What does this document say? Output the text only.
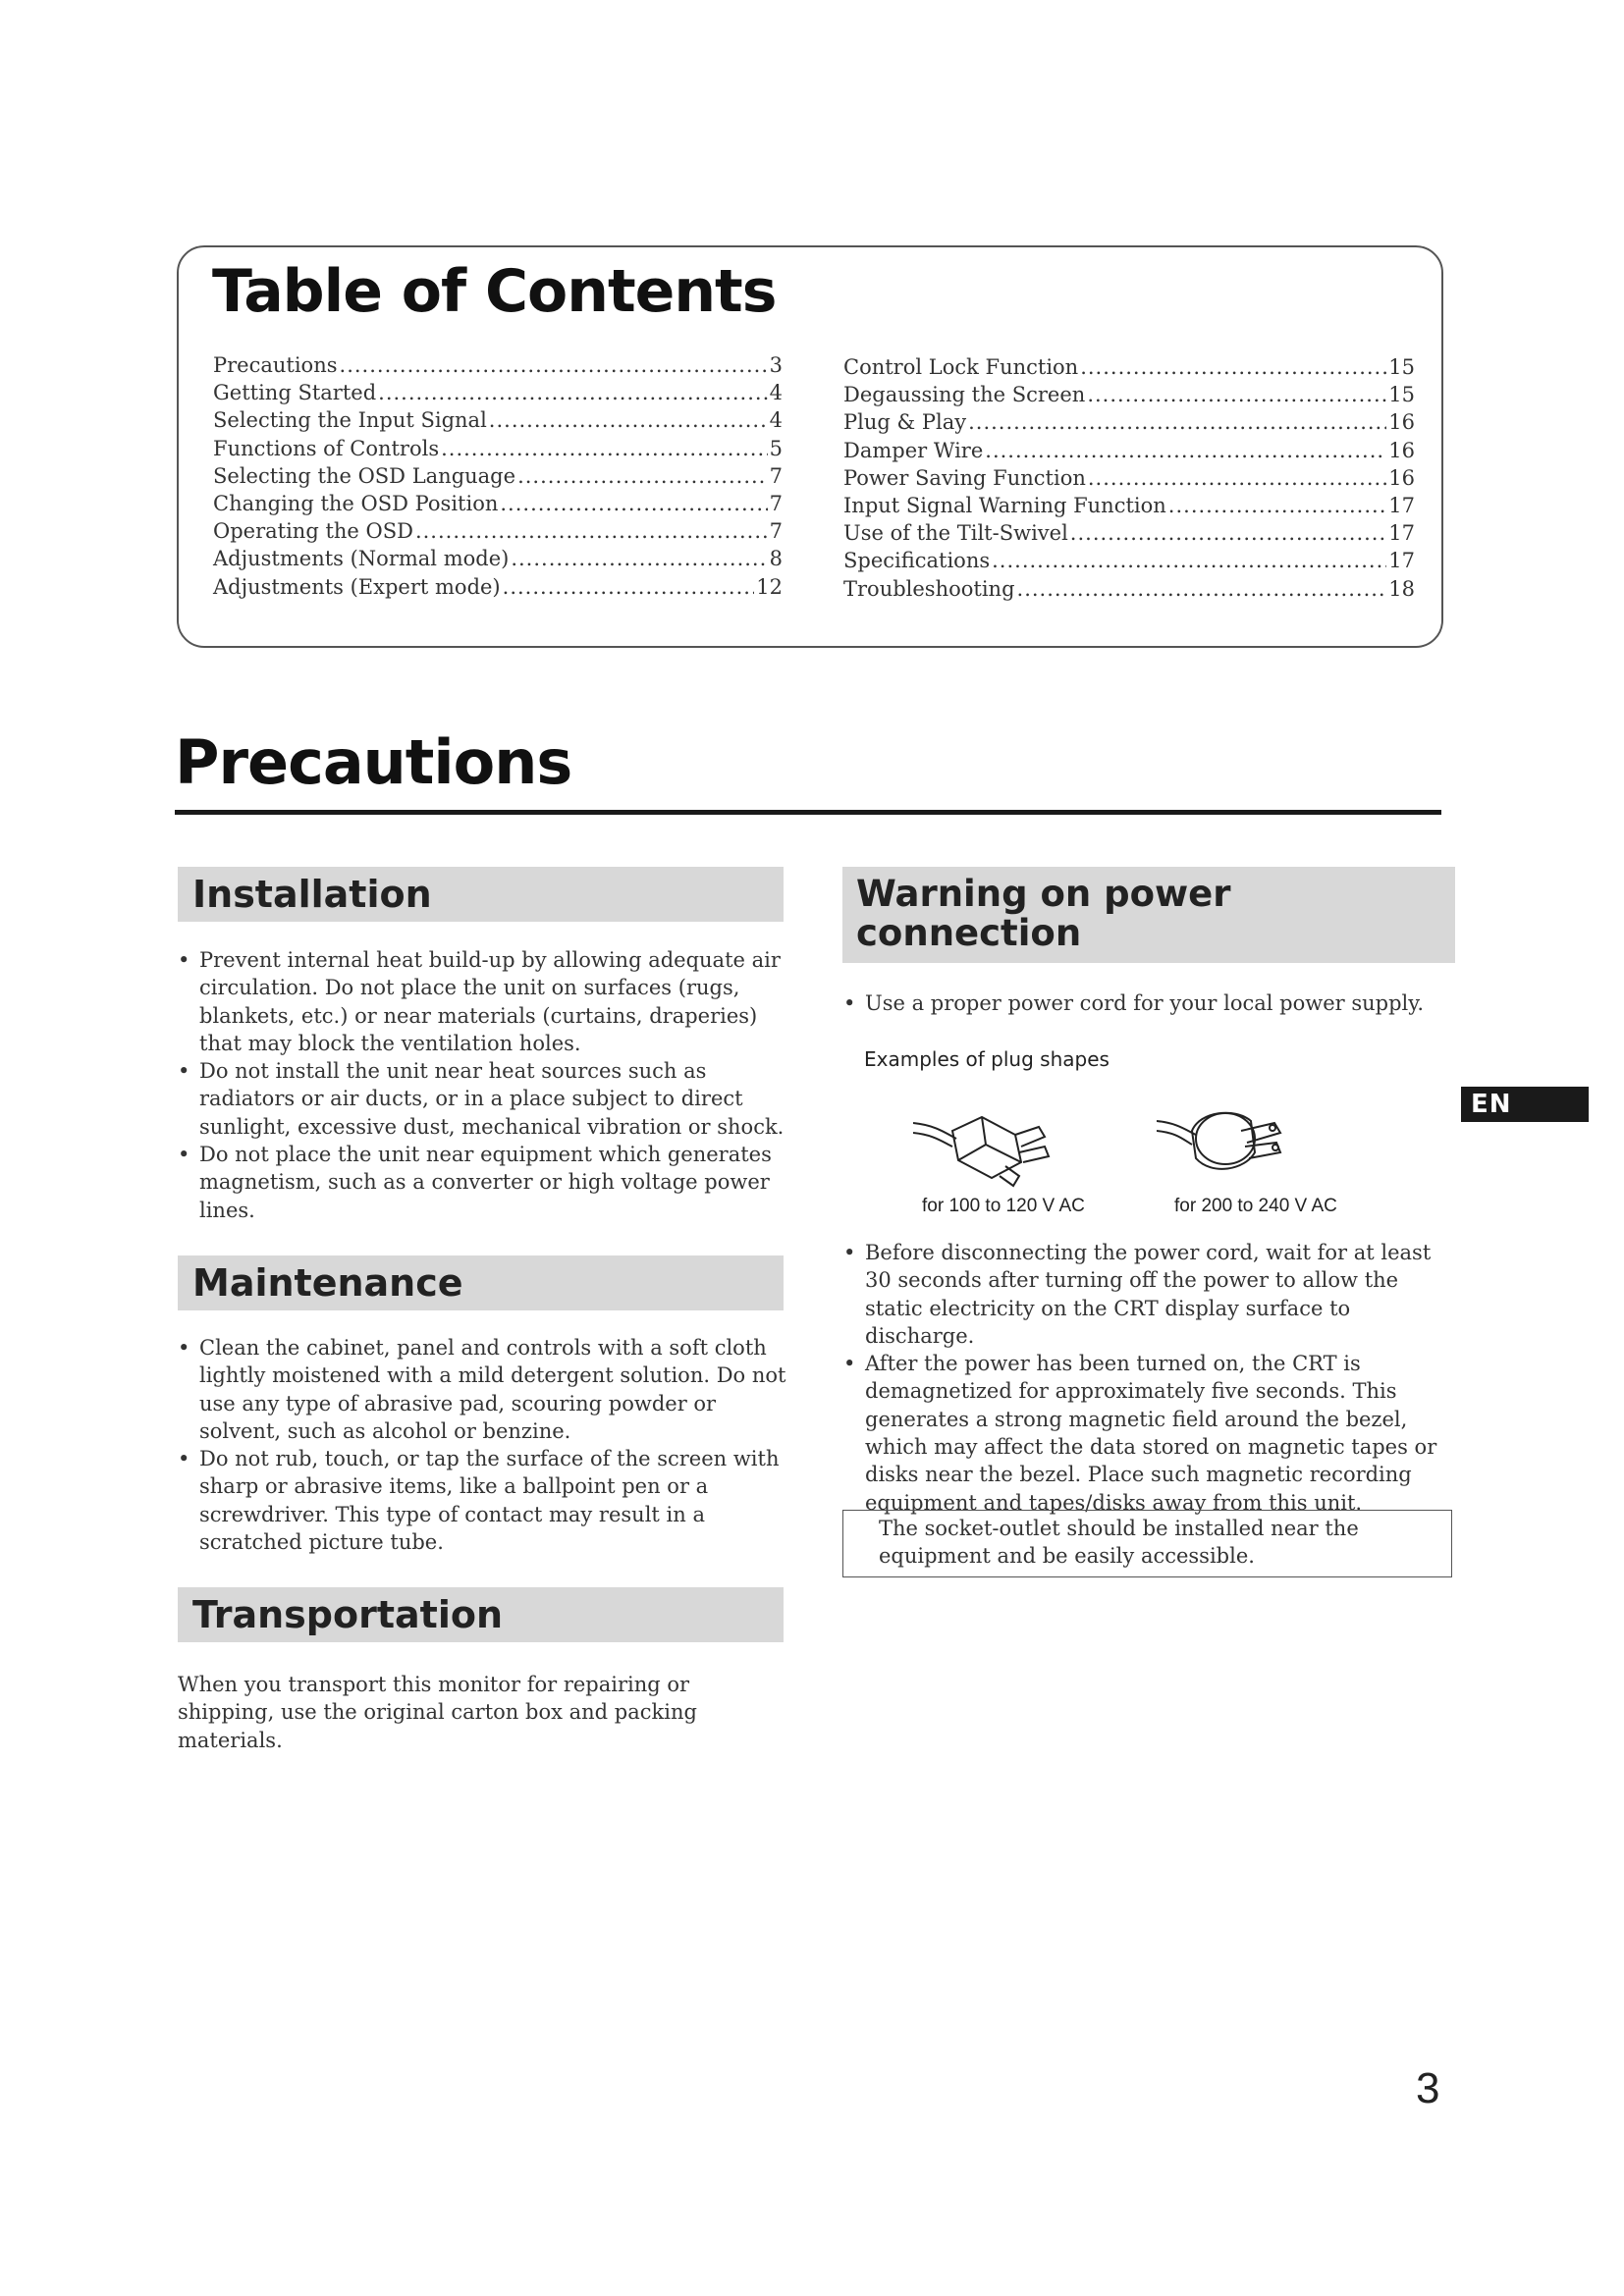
Table of Contents
Precautions .....	3
Getting Started .....	4
Selecting the Input Signal .....	4
Functions of Controls .....	5
Selecting the OSD Language .....	7
Changing the OSD Position .....	7
Operating the OSD .....	7
Adjustments (Normal mode) .....	8
Adjustments (Expert mode) .....	12
Control Lock Function .....	15
Degaussing the Screen .....	15
Plug & Play .....	16
Damper Wire .....	16
Power Saving Function .....	16
Input Signal Warning Function .....	17
Use of the Tilt-Swivel .....	17
Specifications .....	17
Troubleshooting .....	18
Precautions
Installation
• Prevent internal heat build-up by allowing adequate air circulation. Do not place the unit on surfaces (rugs, blankets, etc.) or near materials (curtains, draperies) that may block the ventilation holes.
• Do not install the unit near heat sources such as radiators or air ducts, or in a place subject to direct sunlight, excessive dust, mechanical vibration or shock.
• Do not place the unit near equipment which generates magnetism, such as a converter or high voltage power lines.
Maintenance
• Clean the cabinet, panel and controls with a soft cloth lightly moistened with a mild detergent solution. Do not use any type of abrasive pad, scouring powder or solvent, such as alcohol or benzine.
• Do not rub, touch, or tap the surface of the screen with sharp or abrasive items, like a ballpoint pen or a screwdriver. This type of contact may result in a scratched picture tube.
Transportation

When you transport this monitor for repairing or shipping, use the original carton box and packing materials.

Warning on power
connection
• Use a proper power cord for your local power supply.

Examples of plug shapes

for 100 to 120 V AC	for 200 to 240 V AC

• Before disconnecting the power cord, wait for at least 30 seconds after turning off the power to allow the static electricity on the CRT display surface to discharge.
• After the power has been turned on, the CRT is demagnetized for approximately five seconds. This generates a strong magnetic field around the bezel, which may affect the data stored on magnetic tapes or disks near the bezel. Place such magnetic recording equipment and tapes/disks away from this unit.
The socket-outlet should be installed near the equipment and be easily accessible.
EN
3
